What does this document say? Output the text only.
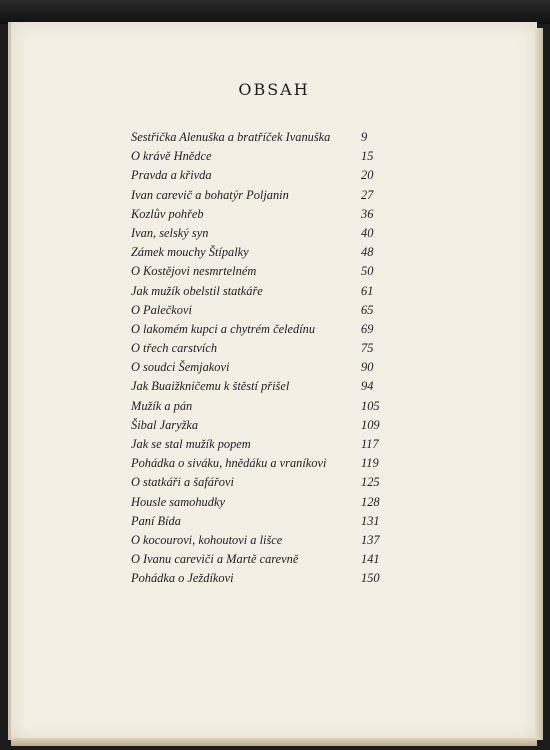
OBSAH
Sestřička Alenuška a bratříček Ivanuška 9
O krávě Hnědce	15
Pravda a křivda	20
Ivan carevič a bohatýr Poljanin	27
Kozlův pohřeb	36
Ivan, selský syn	40
Zámek mouchy Štípalky	48
O Kostějovi nesmrtelném	50
Jak mužík obelstil statkáře	61
O Palečkovi	65
O lakomém kupci a chytrém čeledínu	69
O třech carstvích	75
O soudci Šemjakovi	90
Jak Buaižkničemu k štěstí přišel	94
Mužík a pán	105
Šibal Jaryžka	109
Jak se stal mužík popem	117
Pohádka o siváku, hnědáku a vraníkovi	119
O statkáři a šafářovi	125
Housle samohudky	128
Paní Bída	131
O kocourovi, kohoutovi a lišce	137
O Ivanu careviči a Martě carevně	141
Pohádka o Ježdíkovi	150
